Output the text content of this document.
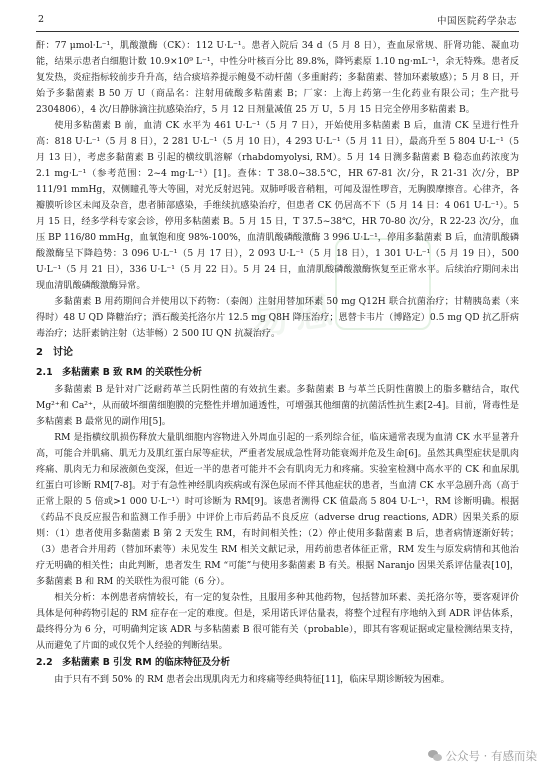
2	中国医院药学杂志
易恩

酐：77 μmol·L⁻¹，肌酸激酶（CK）：112 U·L⁻¹。患者入院后 34 d（5 月 8 日），查血尿常规、肝肾功能、凝血功能，结果示患者白细胞计数 10.9×10⁹ L⁻¹，中性分叶核百分比 89.8%，降钙素原 1.10 ng·mL⁻¹，余无特殊。患者反复发热，炎症指标较前步升升高，结合痰培养提示鲍曼不动杆菌（多重耐药；多黏菌素、替加环素敏感）；5 月 8 日，开始予多黏菌素 B 50 万 U（商品名：注射用硫酸多粘菌素 B；厂家：上海上药第一生化药业有限公司；生产批号 2304806），4 次/日静脉滴注抗感染治疗，5 月 12 日剂量减值 25 万 U，5 月 15 日完全停用多粘菌素 B。

使用多粘菌素 B 前，血清 CK 水平为 461 U·L⁻¹（5 月 7 日），开始使用多粘菌素 B 后，血清 CK 呈进行性升高：818 U·L⁻¹（5 月 8 日），2 281 U·L⁻¹（5 月 10 日），4 293 U·L⁻¹（5 月 11 日），最高升至 5 804 U·L⁻¹（5 月 13 日），考虑多黏菌素 B 引起的横纹肌溶解（rhabdomyolysi, RM）。5 月 14 日测多黏菌素 B 稳态血药浓度为 2.1 mg·L⁻¹（参考范围：2~4 mg·L⁻¹）[1]。查体：T 38.0~38.5℃，HR 67-81 次/分，R 21-31 次/分，BP 111/91 mmHg，双侧瞳孔等大等圆，对光反射迟钝。双肺呼吸音稍粗，可闻及湿性啰音，无胸膜摩擦音。心律齐，各瓣膜听诊区未闻及杂音，患者肺部感染，手维续抗感染治疗，但患者 CK 仍居高不下（5 月 14 日：4 061 U·L⁻¹）。5 月 15 日，经多学科专家会诊，停用多粘菌素 B。5 月 15 日，T 37.5~38℃，HR 70-80 次/分，R 22-23 次/分，血压 BP 116/80 mmHg，血氧饱和度 98%-100%，血清肌酸磷酸激酶 3 996 U·L⁻¹，停用多黏菌素 B 后，血清肌酸磷酸激酶呈下降趋势：3 096 U·L⁻¹（5 月 17 日），2 093 U·L⁻¹（5 月 18 日），1 301 U·L⁻¹（5 月 19 日），500 U·L⁻¹（5 月 21 日），336 U·L⁻¹（5 月 22 日）。5 月 24 日，血清肌酸磷酸激酶恢复至正常水平。后续治疗期间未出现血清肌酸磷酸激酶异常。

多黏菌素 B 用药期间合并使用以下药物：（泰阁）注射用替加环素 50 mg Q12H 联合抗菌治疗；甘精胰岛素（来得时）48 U QD 降糖治疗；酒石酸美托洛尔片 12.5 mg Q8H 降压治疗；恩替卡韦片（博路定）0.5 mg QD 抗乙肝病毒治疗；达肝素钠注射（达菲畅）2 500 IU QN 抗凝治疗。

2　讨论
2.1　多粘菌素 B 致 RM 的关联性分析

多黏菌素 B 是针对广泛耐药革兰氏阴性菌的有效抗生素。多黏菌素 B 与革兰氏阴性菌膜上的脂多糖结合，取代 Mg²⁺和 Ca²⁺，从而破坏细菌细胞膜的完整性并增加通透性，可增强其他细菌的抗菌活性抗生素[2-4]。目前，肾毒性是多粘菌素 B 最常见的副作用[5]。

RM 是指横纹肌损伤释放大量肌细胞内容物进入外周血引起的一系列综合征，临床通常表现为血清 CK 水平显著升高，可能合并肌痛、肌无力及肌红蛋白尿等症状，严重者发展成急性肾功能衰竭并危及生命[6]。虽然其典型症状是肌肉疼痛、肌肉无力和尿液颜色变深，但近一半的患者可能并不会有肌肉无力和疼痛。实验室检测中高水平的 CK 和血尿肌红蛋白可诊断 RM[7-8]。对于有急性神经肌肉疾病或有深色尿而不伴其他症状的患者，当血清 CK 水平急剧升高（高于正常上限的 5 倍或>1 000 U·L⁻¹）时可诊断为 RM[9]。该患者测得 CK 值最高 5 804 U·L⁻¹，RM 诊断明确。根据《药品不良反应报告和监测工作手册》中评价上市后药品不良反应（adverse drug reactions, ADR）因果关系的原则：（1）患者使用多黏菌素 B 第 2 天发生 RM，有时间相关性；（2）停止使用多黏菌素 B 后，患者病情逐渐好转；（3）患者合并用药（替加环素等）未见发生 RM 相关文献记录，用药前患者体征正常，RM 发生与原发病情和其他治疗无明确的相关性；由此判断，患者发生 RM “可能”与使用多黏菌素 B 有关。根据 Naranjo 因果关系评估量表[10]，多黏菌素 B 和 RM 的关联性为很可能（6 分）。

相关分析：本例患者病情较长，有一定的复杂性，且服用多种其他药物，包括替加环素、美托洛尔等，要客观评价具体是何种药物引起的 RM 症存在一定的难度。但是，采用诺氏评估量表，将整个过程有序地纳入到 ADR 评估体系，最终得分为 6 分，可明确判定该 ADR 与多粘菌素 B 很可能有关（probable），即其有客观证据或定量检测结果支持，从而避免了片面的或仅凭个人经验的判断结果。

2.2　多粘菌素 B 引发 RM 的临床特征及分析

由于只有不到 50% 的 RM 患者会出现肌肉无力和疼痛等经典特征[11]，临床早期诊断较为困难。

公众号 · 有感而染
